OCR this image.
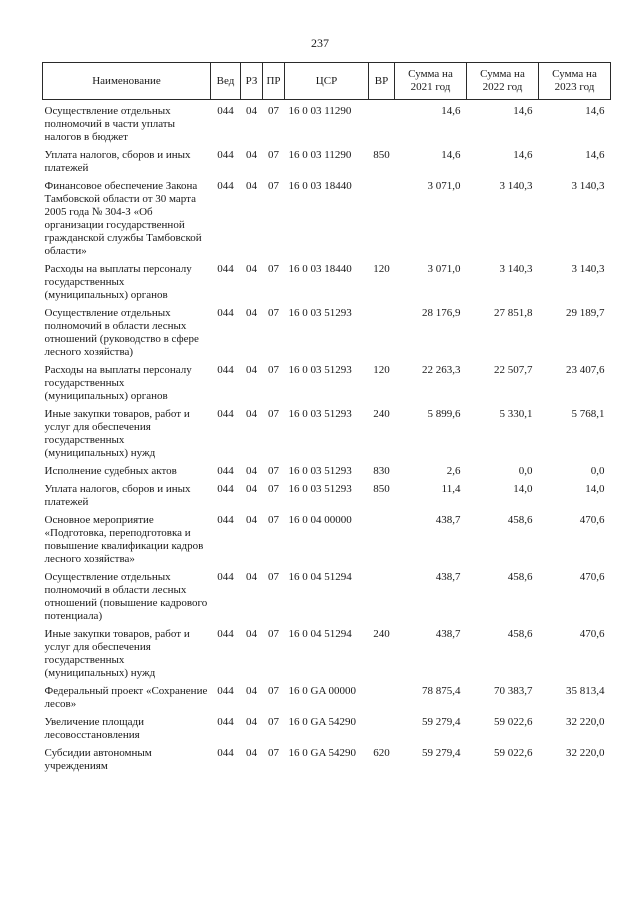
237
Наименование	Вед	РЗ	ПР	ЦСР	ВР	Сумма на 2021 год	Сумма на 2022 год	Сумма на 2023 год
Осуществление отдельных полномочий в части уплаты налогов в бюджет	044	04	07	16 0 03 11290		14,6	14,6	14,6
Уплата налогов, сборов и иных платежей	044	04	07	16 0 03 11290	850	14,6	14,6	14,6
Финансовое обеспечение Закона Тамбовской области от 30 марта 2005 года № 304-З «Об организации государственной гражданской службы Тамбовской области»	044	04	07	16 0 03 18440		3 071,0	3 140,3	3 140,3
Расходы на выплаты персоналу государственных (муниципальных) органов	044	04	07	16 0 03 18440	120	3 071,0	3 140,3	3 140,3
Осуществление отдельных полномочий в области лесных отношений (руководство в сфере лесного хозяйства)	044	04	07	16 0 03 51293		28 176,9	27 851,8	29 189,7
Расходы на выплаты персоналу государственных (муниципальных) органов	044	04	07	16 0 03 51293	120	22 263,3	22 507,7	23 407,6
Иные закупки товаров, работ и услуг для обеспечения государственных (муниципальных) нужд	044	04	07	16 0 03 51293	240	5 899,6	5 330,1	5 768,1
Исполнение судебных актов	044	04	07	16 0 03 51293	830	2,6	0,0	0,0
Уплата налогов, сборов и иных платежей	044	04	07	16 0 03 51293	850	11,4	14,0	14,0
Основное мероприятие «Подготовка, переподготовка и повышение квалификации кадров лесного хозяйства»	044	04	07	16 0 04 00000		438,7	458,6	470,6
Осуществление отдельных полномочий в области лесных отношений (повышение кадрового потенциала)	044	04	07	16 0 04 51294		438,7	458,6	470,6
Иные закупки товаров, работ и услуг для обеспечения государственных (муниципальных) нужд	044	04	07	16 0 04 51294	240	438,7	458,6	470,6
Федеральный проект «Сохранение лесов»	044	04	07	16 0 GA 00000		78 875,4	70 383,7	35 813,4
Увеличение площади лесовосстановления	044	04	07	16 0 GA 54290		59 279,4	59 022,6	32 220,0
Субсидии автономным учреждениям	044	04	07	16 0 GA 54290	620	59 279,4	59 022,6	32 220,0
